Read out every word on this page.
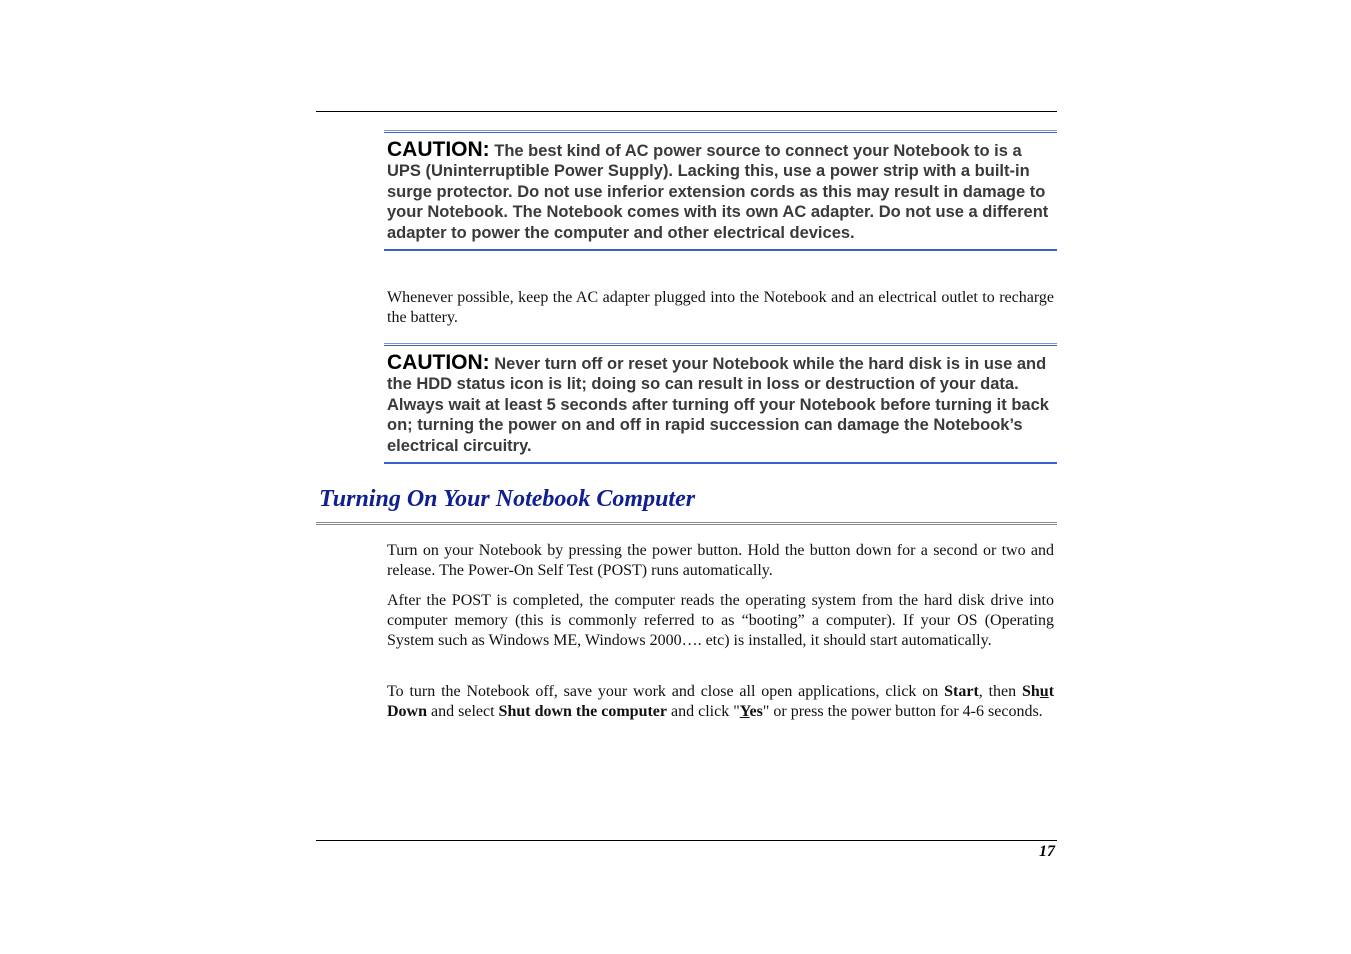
CAUTION: The best kind of AC power source to connect your Notebook to is a UPS (Uninterruptible Power Supply). Lacking this, use a power strip with a built-in surge protector. Do not use inferior extension cords as this may result in damage to your Notebook. The Notebook comes with its own AC adapter. Do not use a different adapter to power the computer and other electrical devices.

Whenever possible, keep the AC adapter plugged into the Notebook and an electrical outlet to recharge the battery.

CAUTION: Never turn off or reset your Notebook while the hard disk is in use and the HDD status icon is lit; doing so can result in loss or destruction of your data. Always wait at least 5 seconds after turning off your Notebook before turning it back on; turning the power on and off in rapid succession can damage the Notebook’s electrical circuitry.
Turning On Your Notebook Computer

Turn on your Notebook by pressing the power button. Hold the button down for a second or two and release. The Power-On Self Test (POST) runs automatically.

After the POST is completed, the computer reads the operating system from the hard disk drive into computer memory (this is commonly referred to as “booting” a computer). If your OS (Operating System such as Windows ME, Windows 2000…. etc) is installed, it should start automatically.

To turn the Notebook off, save your work and close all open applications, click on Start, then Shut Down and select Shut down the computer and click "Yes" or press the power button for 4-6 seconds.

17
